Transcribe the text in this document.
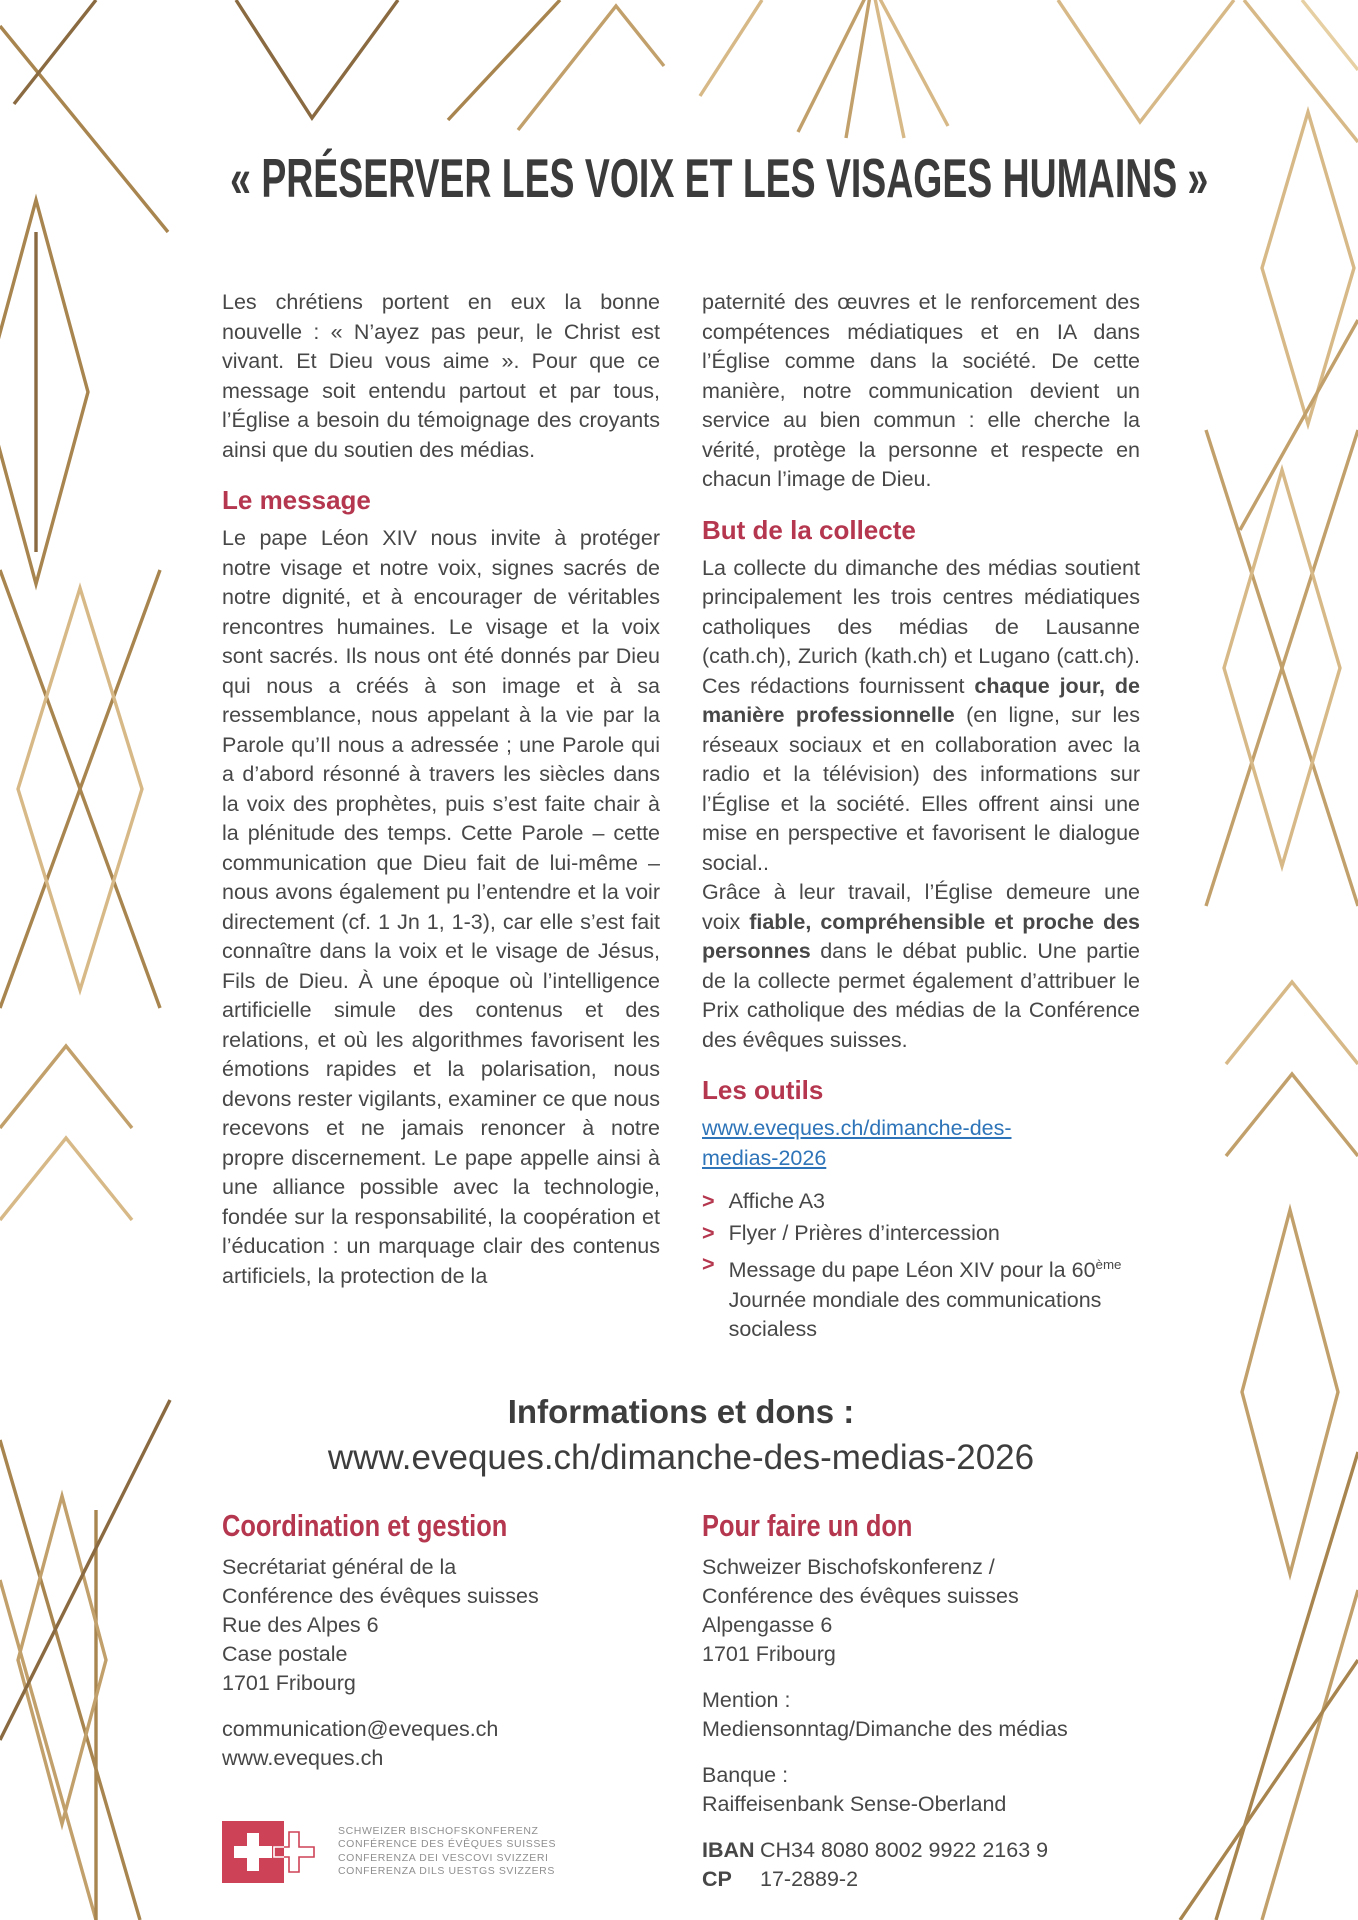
« PRÉSERVER LES VOIX ET LES VISAGES HUMAINS »

Les chrétiens portent en eux la bonne nouvelle : « N’ayez pas peur, le Christ est vivant. Et Dieu vous aime ». Pour que ce message soit entendu partout et par tous, l’Église a besoin du témoignage des croyants ainsi que du soutien des médias.

Le message

Le pape Léon XIV nous invite à protéger notre visage et notre voix, signes sacrés de notre dignité, et à encourager de véritables rencontres humaines. Le visage et la voix sont sacrés. Ils nous ont été donnés par Dieu qui nous a créés à son image et à sa ressemblance, nous appelant à la vie par la Parole qu’Il nous a adressée ; une Parole qui a d’abord résonné à travers les siècles dans la voix des prophètes, puis s’est faite chair à la plénitude des temps. Cette Parole – cette communication que Dieu fait de lui-même – nous avons également pu l’entendre et la voir directement (cf. 1 Jn 1, 1-3), car elle s’est fait connaître dans la voix et le visage de Jésus, Fils de Dieu. À une époque où l’intelligence artificielle simule des contenus et des relations, et où les algorithmes favorisent les émotions rapides et la polarisation, nous devons rester vigilants, examiner ce que nous recevons et ne jamais renoncer à notre propre discernement. Le pape appelle ainsi à une alliance possible avec la technologie, fondée sur la responsabilité, la coopération et l’éducation : un marquage clair des contenus artificiels, la protection de la

paternité des œuvres et le renforcement des compétences médiatiques et en IA dans l’Église comme dans la société. De cette manière, notre communication devient un service au bien commun : elle cherche la vérité, protège la personne et respecte en chacun l’image de Dieu.

But de la collecte

La collecte du dimanche des médias soutient principalement les trois centres médiatiques catholiques des médias de Lausanne (cath.ch), Zurich (kath.ch) et Lugano (catt.ch). Ces rédactions fournissent chaque jour, de manière professionnelle (en ligne, sur les réseaux sociaux et en collaboration avec la radio et la télévision) des informations sur l’Église et la société. Elles offrent ainsi une mise en perspective et favorisent le dialogue social..

Grâce à leur travail, l’Église demeure une voix fiable, compréhensible et proche des personnes dans le débat public. Une partie de la collecte permet également d’attribuer le Prix catholique des médias de la Conférence des évêques suisses.

Les outils
www.eveques.ch/dimanche-des-medias-2026
> Affiche A3
> Flyer / Prières d’intercession
> Message du pape Léon XIV pour la 60ème Journée mondiale des communications socialess
Informations et dons :
www.eveques.ch/dimanche-des-medias-2026
Coordination et gestion
Secrétariat général de la
Conférence des évêques suisses
Rue des Alpes 6
Case postale
1701 Fribourg
communication@eveques.ch
www.eveques.ch
SCHWEIZER BISCHOFSKONFERENZ
CONFÉRENCE DES ÉVÊQUES SUISSES
CONFERENZA DEI VESCOVI SVIZZERI
CONFERENZA DILS UESTGS SVIZZERS
Pour faire un don
Schweizer Bischofskonferenz /
Conférence des évêques suisses
Alpengasse 6
1701 Fribourg
Mention :
Mediensonntag/Dimanche des médias
Banque :
Raiffeisenbank Sense-Oberland
IBAN CH34 8080 8002 9922 2163 9
CP 17-2889-2
